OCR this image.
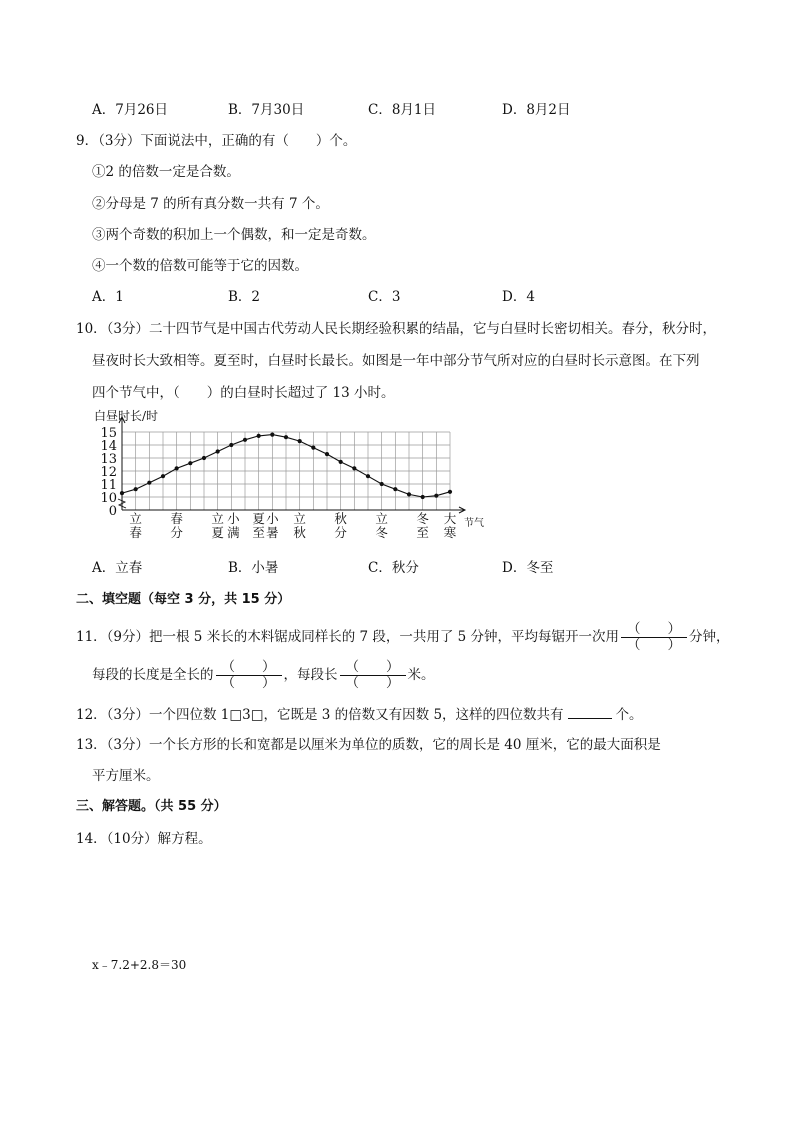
A．7月26日	B．7月30日	C．8月1日	D．8月2日
9．（3分）下面说法中，正确的有（　　）个。
①2 的倍数一定是合数。
②分母是 7 的所有真分数一共有 7 个。
③两个奇数的积加上一个偶数，和一定是奇数。
④一个数的倍数可能等于它的因数。
A．1	B．2	C．3	D．4
10．（3分）二十四节气是中国古代劳动人民长期经验积累的结晶，它与白昼时长密切相关。春分，秋分时，
昼夜时长大致相等。夏至时，白昼时长最长。如图是一年中部分节气所对应的白昼时长示意图。在下列
四个节气中，（　　）的白昼时长超过了 13 小时。
白昼时长/时
15
14
13
12
11
10
0 立
春
春
分
立
夏
小
满
夏
至
小
暑
立
秋
秋
分
立
冬
冬
至
大
寒
节气
A．立春	B．小暑	C．秋分	D．冬至
二、填空题（每空 3 分，共 15 分）
11．（9分）把一根 5 米长的木料锯成同样长的 7 段，一共用了 5 分钟，平均每锯开一次用 $\frac{( )}{( )}$ 分钟，
每段的长度是全长的 $\frac{( )}{( )}$ ，每段长 $\frac{( )}{( )}$ 米。
12．（3分）一个四位数 1□3□，它既是 3 的倍数又有因数 5，这样的四位数共有	个。
13．（3分）一个长方形的长和宽都是以厘米为单位的质数，它的周长是 40 厘米，它的最大面积是
平方厘米。
三、解答题。（共 55 分）
14．（10分）解方程。
x﹣7.2+2.8＝30
